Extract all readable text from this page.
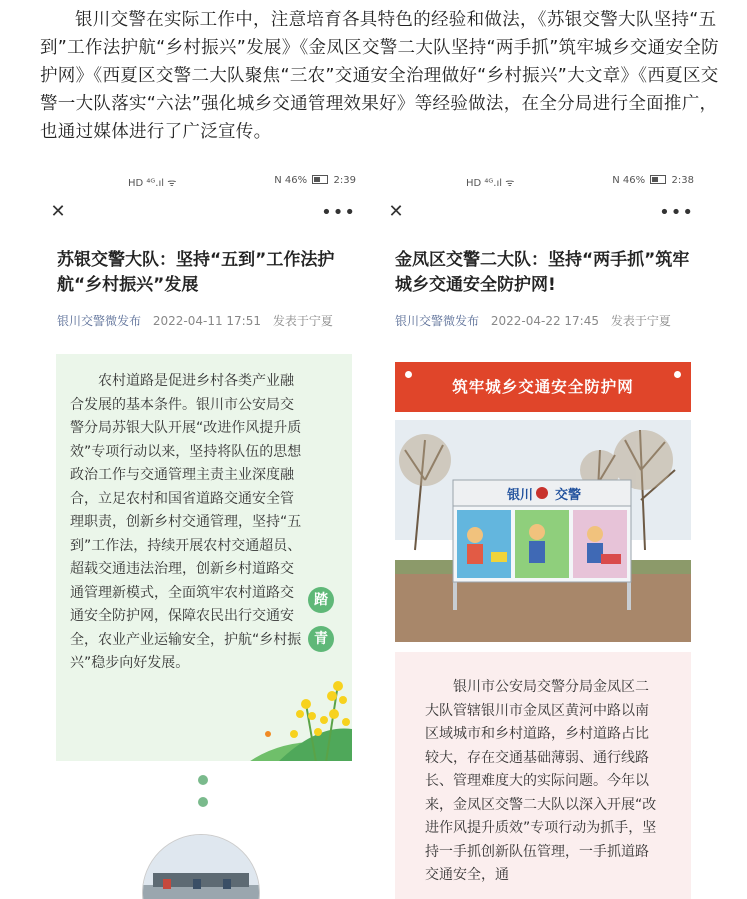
银川交警在实际工作中，注意培育各具特色的经验和做法，《苏银交警大队坚持“五到”工作法护航“乡村振兴”发展》《金凤区交警二大队坚持“两手抓”筑牢城乡交通安全防护网》《西夏区交警二大队聚焦“三农”交通安全治理做好“乡村振兴”大文章》《西夏区交警一大队落实“六法”强化城乡交通管理效果好》等经验做法，在全分局进行全面推广，也通过媒体进行了广泛宣传。

HD ⁴ᴳ.ıl ᯤ	N 46%	2:39
✕	•••
苏银交警大队：坚持“五到”工作法护航“乡村振兴”发展
银川交警微发布 2022-04-11 17:51 发表于宁夏

农村道路是促进乡村各类产业融合发展的基本条件。银川市公安局交警分局苏银大队开展“改进作风提升质效”专项行动以来，坚持将队伍的思想政治工作与交通管理主责主业深度融合，立足农村和国省道路交通安全管理职责，创新乡村交通管理，坚持“五到”工作法，持续开展农村交通超员、超载交通违法治理，创新乡村道路交通管理新模式，全面筑牢农村道路交通安全防护网，保障农民出行交通安全，农业产业运输安全，护航“乡村振兴”稳步向好发展。

踏
青
HD ⁴ᴳ.ıl ᯤ	N 46%	2:38
✕	•••
金凤区交警二大队：坚持“两手抓”筑牢城乡交通安全防护网!
银川交警微发布 2022-04-22 17:45 发表于宁夏
筑牢城乡交通安全防护网
银川 交警

银川市公安局交警分局金凤区二大队管辖银川市金凤区黄河中路以南区域城市和乡村道路，乡村道路占比较大，存在交通基础薄弱、通行线路长、管理难度大的实际问题。今年以来，金凤区交警二大队以深入开展“改进作风提升质效”专项行动为抓手，坚持一手抓创新队伍管理，一手抓道路交通安全，通
